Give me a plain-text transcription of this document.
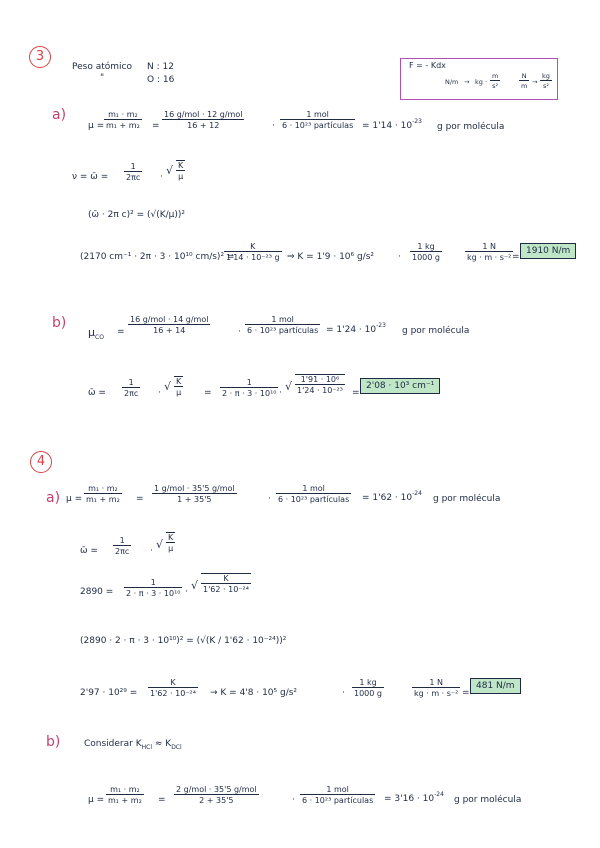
3
Peso atómico N : 12
"	O : 16
F = - Kdx
N/m → kg · $\frac{m}{\text{s²}}$	$\frac{N}{m} \to \frac{kg}{\text{s²}}$
a)
$\mu = \frac{\text{m₁ · m₂}}{\text{m₁ + m₂}}$ =
16 g/mol · 12 g/mol
16 + 12	·
1 mol
6 · 10²³ partículas = $1'14 \cdot 10^{-23}$
g por molécula
ν = ω̄ = $\frac{1}{2\pi c}$ · √ $\frac{K}{\mu}$
(ω̄ · 2π c)² = (√(K/μ))²
(2170 cm⁻¹ · 2π · 3 · 10¹⁰ cm/s)² =
$\frac{K}{\text{1'14 · 10⁻²³ g}}$ ⇒ K = 1'9 · 10⁶ g/s²	· $\frac{1 kg}{1000 g}$	$\frac{1 N}{\text{kg · m · s⁻²}}$
=
1910 N/m
b)
$\mu_{CO}$
=
16 g/mol · 14 g/mol
16 + 14	·
1 mol
6 · 10²³ partículas = $1'24 \cdot 10^{-23}$
g por molécula
ω̄ = $\frac{1}{2\pi c}$ · √ $\frac{K}{\mu} = \frac{1}{\text{2 · π · 3 · 10¹⁰}}$ · √ $\frac{\text{1'91 · 10⁶}}{\text{1'24 · 10⁻²³}}$ =
2'08 · 10³ cm⁻¹
4
a) $\mu = \frac{\text{m₁ · m₂}}{\text{m₁ + m₂}}$ =
1 g/mol · 35'5 g/mol
1 + 35'5	·
1 mol
6 · 10²³ partículas = $1'62 \cdot 10^{-24}$
g por molécula
ω̄ = $\frac{1}{2\pi c}$ · √ $\frac{K}{\mu}$
$2890 = \frac{1}{\text{2 · π · 3 · 10¹⁰}}$ · √ $\frac{K}{\text{1'62 · 10⁻²⁴}}$
(2890 · 2 · π · 3 · 10¹⁰)² = (√(K / 1'62 · 10⁻²⁴))²
$2'97 \cdot 10^{29} = \frac{K}{\text{1'62 · 10⁻²⁴}} \to K = 4'8 \cdot 10^5$ g/s²	· $\frac{1 kg}{1000 g}$	$\frac{1 N}{\text{kg · m · s⁻²}}$ =
481 N/m
b)	Considerar $K_{HCl} \approx K_{DCl}$
$\mu = \frac{\text{m₁ · m₂}}{\text{m₁ + m₂}}$ =
2 g/mol · 35'5 g/mol
2 + 35'5	·
1 mol
6 · 10²³ partículas = $3'16 \cdot 10^{-24}$
g por molécula
